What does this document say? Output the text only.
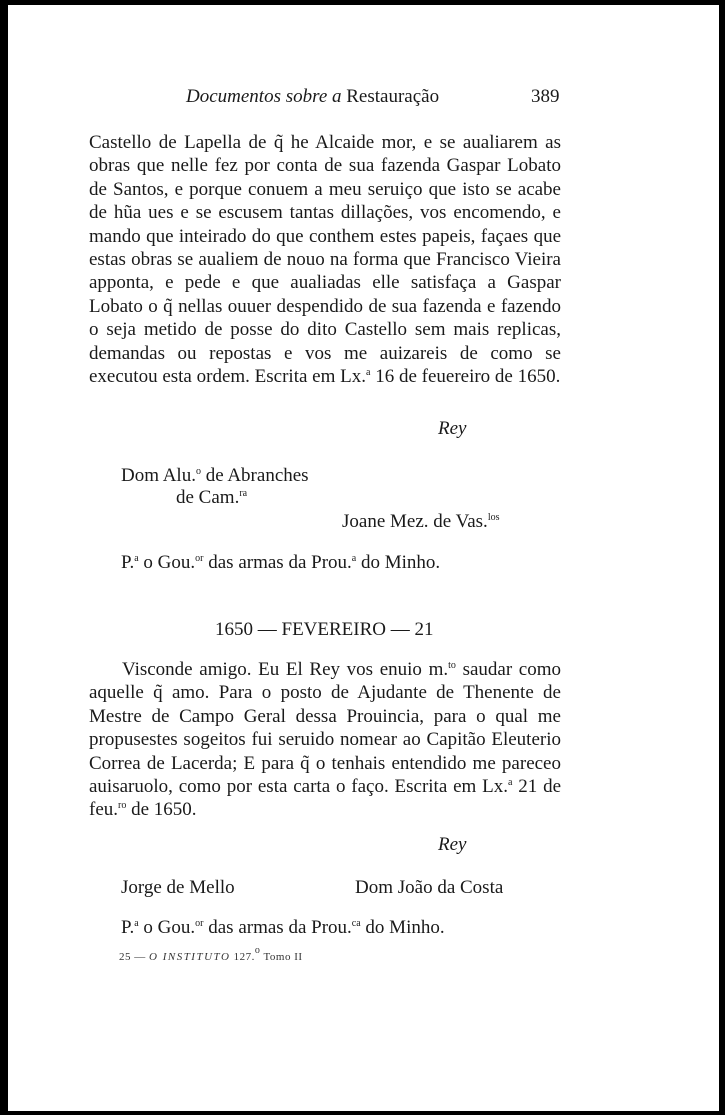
Documentos sobre a Restauração	389

Castello de Lapella de q̃ he Alcaide mor, e se aualiarem as obras que nelle fez por conta de sua fazenda Gaspar Lobato de Santos, e porque conuem a meu seruiço que isto se acabe de hũa ues e se escusem tantas dillações, vos encomendo, e mando que inteirado do que conthem estes papeis, façaes que estas obras se aualiem de nouo na forma que Francisco Vieira apponta, e pede e que aualiadas elle satisfaça a Gaspar Lobato o q̃ nellas ouuer despendido de sua fazenda e fazendo o seja metido de posse do dito Castello sem mais replicas, demandas ou repostas e vos me auizareis de como se executou esta ordem. Escrita em Lx.$^a$ 16 de feuereiro de 1650.

Rey
Dom Alu.$^o$ de Abranches
de Cam.$^{ra}$
Joane Mez. de Vas.$^{los}$
P.$^a$ o Gou.$^{or}$ das armas da Prou.$^a$ do Minho.
1650 — FEVEREIRO — 21

Visconde amigo. Eu El Rey vos enuio m.$^{to}$ saudar como aquelle q̃ amo. Para o posto de Ajudante de Thenente de Mestre de Campo Geral dessa Prouincia, para o qual me propusestes sogeitos fui seruido nomear ao Capitão Eleuterio Correa de Lacerda; E para q̃ o tenhais entendido me pareceo auisaruolo, como por esta carta o faço. Escrita em Lx.$^a$ 21 de feu.$^{ro}$ de 1650.

Rey
Jorge de Mello	Dom João da Costa
P.$^a$ o Gou.$^{or}$ das armas da Prou.$^{ca}$ do Minho.
25 — O INSTITUTO 127.$^o$ Tomo II
